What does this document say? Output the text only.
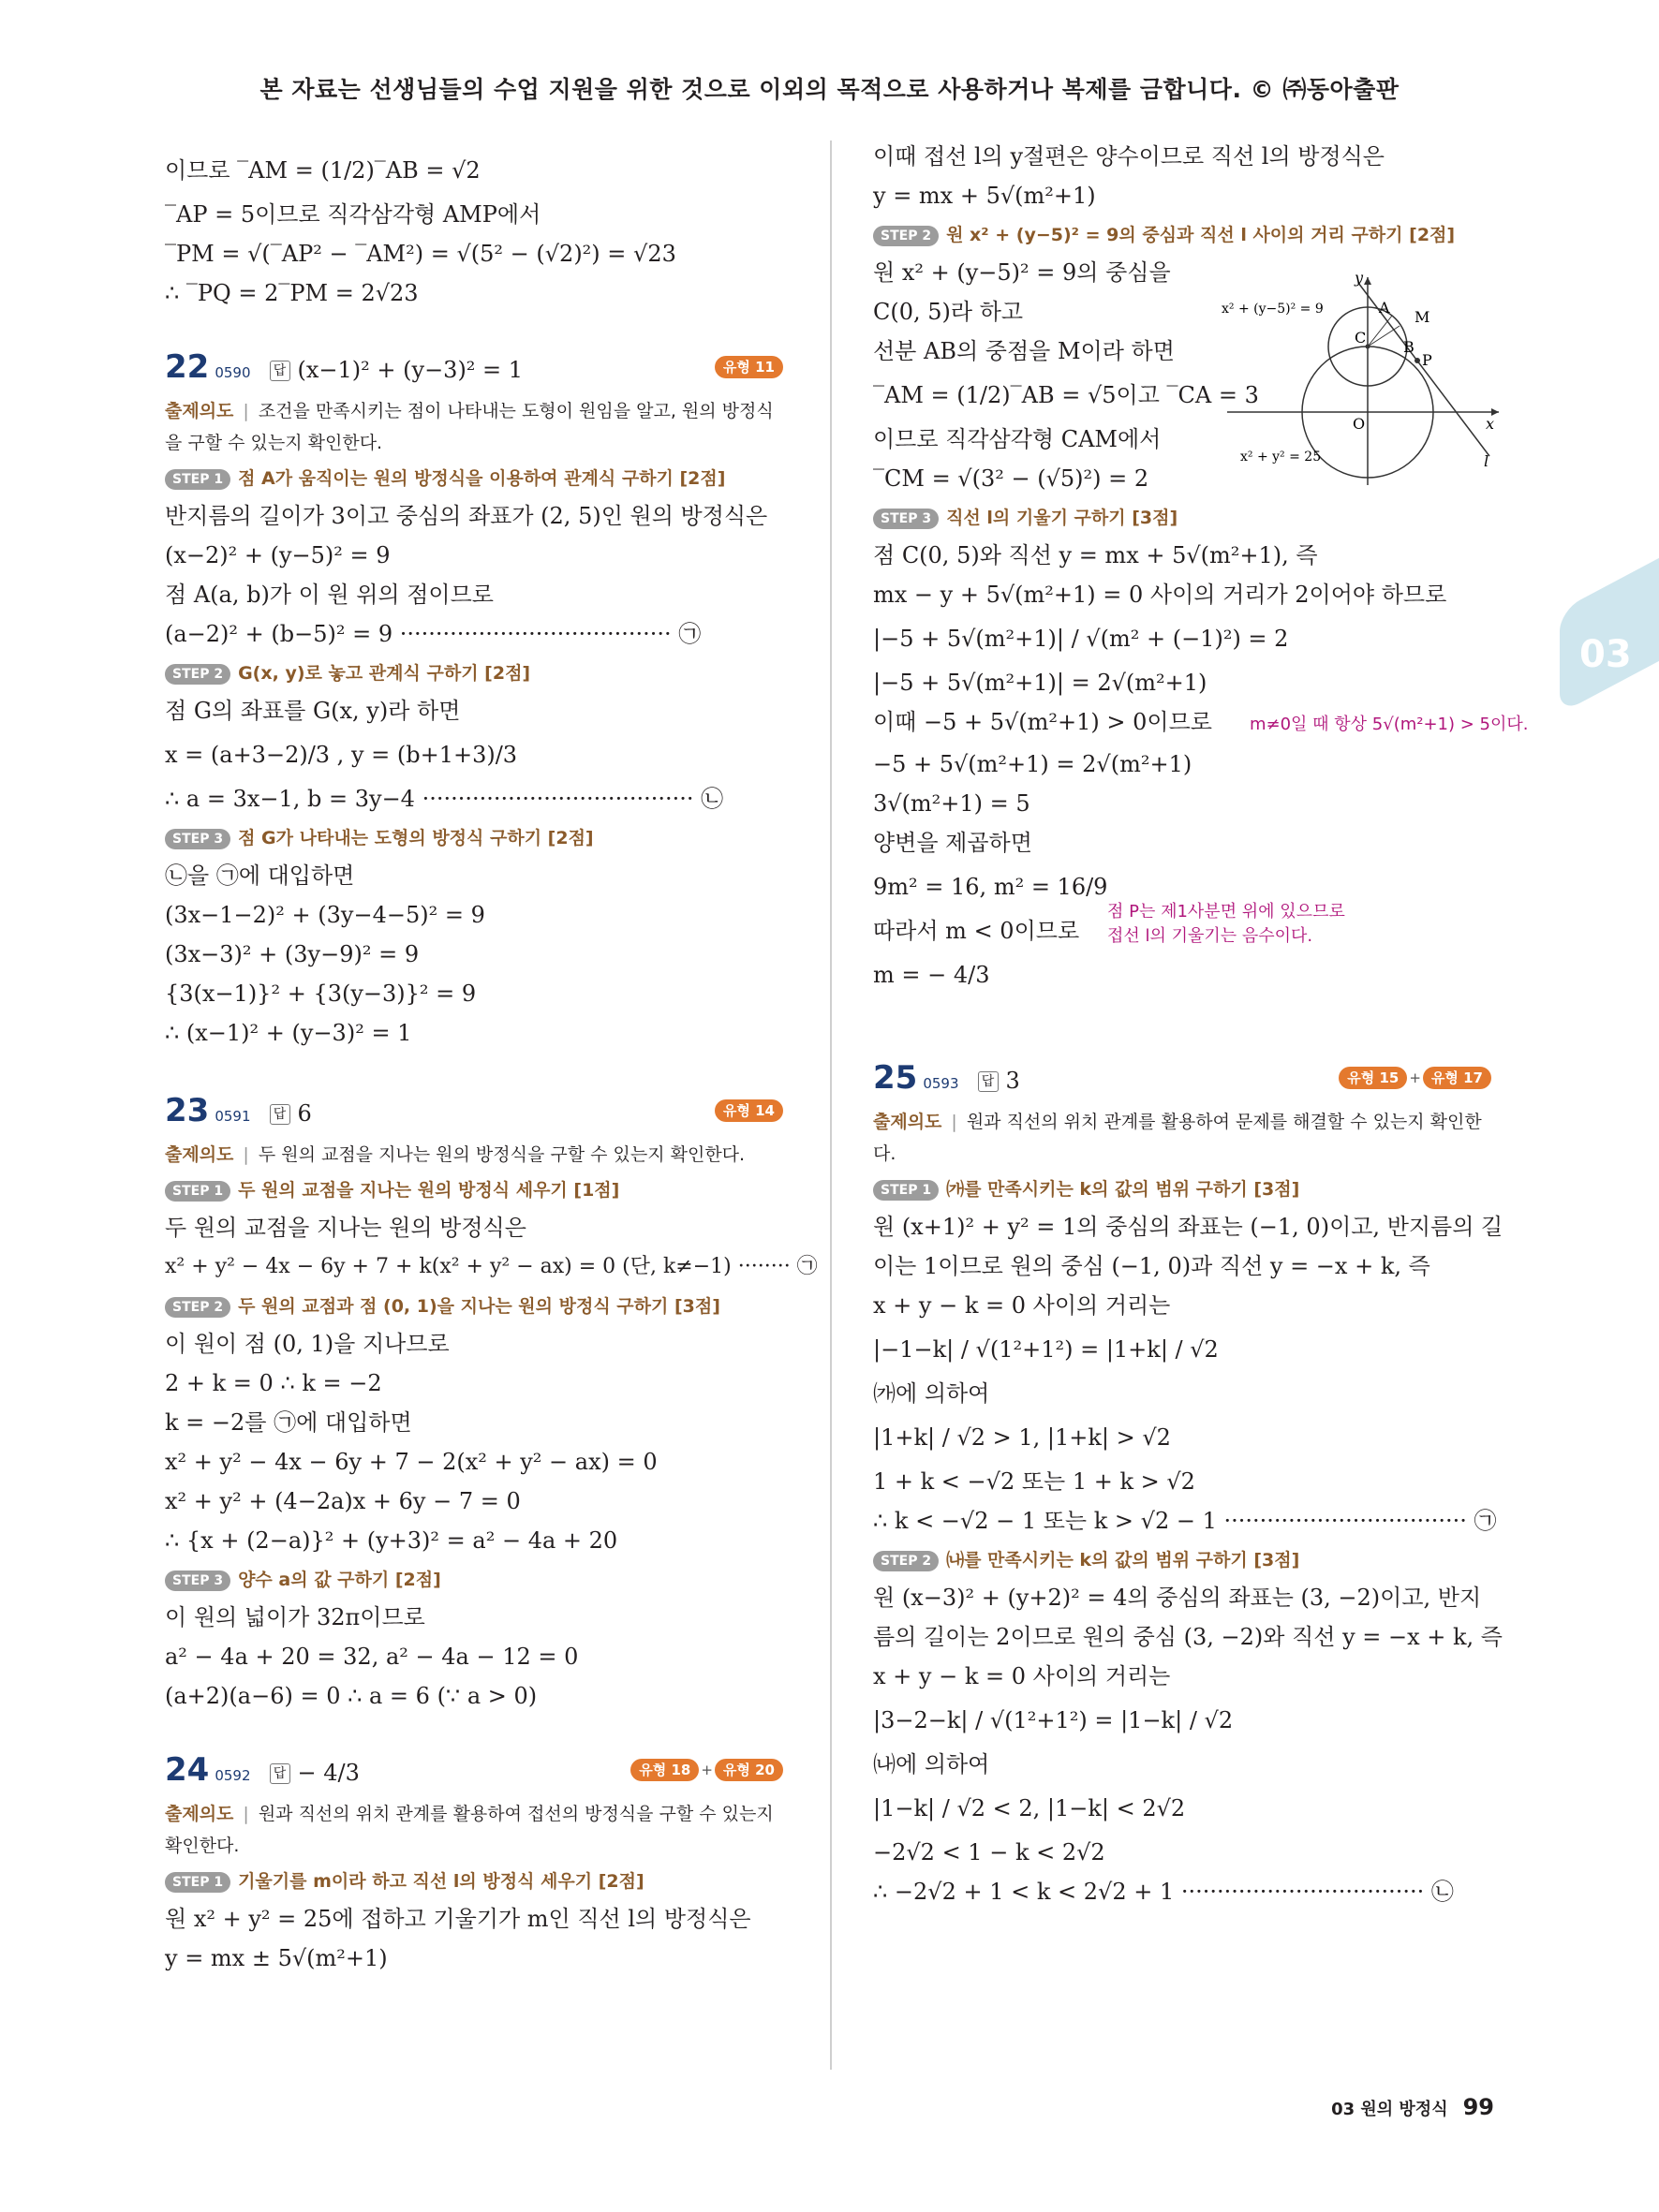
본 자료는 선생님들의 수업 지원을 위한 것으로 이외의 목적으로 사용하거나 복제를 금합니다. © ㈜동아출판
03
이므로 ‾AM = (1/2)‾AB = √2
‾AP = 5이므로 직각삼각형 AMP에서
‾PM = √(‾AP² − ‾AM²) = √(5² − (√2)²) = √23
∴ ‾PQ = 2‾PM = 2√23
22 0590 답 (x−1)² + (y−3)² = 1	유형 11
출제의도 | 조건을 만족시키는 점이 나타내는 도형이 원임을 알고, 원의 방정식을 구할 수 있는지 확인한다.
STEP 1 점 A가 움직이는 원의 방정식을 이용하여 관계식 구하기 [2점]
반지름의 길이가 3이고 중심의 좌표가 (2, 5)인 원의 방정식은
(x−2)² + (y−5)² = 9
점 A(a, b)가 이 원 위의 점이므로
(a−2)² + (b−5)² = 9 ······································ ㉠
STEP 2 G(x, y)로 놓고 관계식 구하기 [2점]
점 G의 좌표를 G(x, y)라 하면
x = (a+3−2)/3 , y = (b+1+3)/3
∴ a = 3x−1, b = 3y−4 ······································ ㉡
STEP 3 점 G가 나타내는 도형의 방정식 구하기 [2점]
㉡을 ㉠에 대입하면
(3x−1−2)² + (3y−4−5)² = 9
(3x−3)² + (3y−9)² = 9
{3(x−1)}² + {3(y−3)}² = 9
∴ (x−1)² + (y−3)² = 1
23 0591 답 6	유형 14
출제의도 | 두 원의 교점을 지나는 원의 방정식을 구할 수 있는지 확인한다.
STEP 1 두 원의 교점을 지나는 원의 방정식 세우기 [1점]
두 원의 교점을 지나는 원의 방정식은
x² + y² − 4x − 6y + 7 + k(x² + y² − ax) = 0 (단, k≠−1) ········ ㉠
STEP 2 두 원의 교점과 점 (0, 1)을 지나는 원의 방정식 구하기 [3점]
이 원이 점 (0, 1)을 지나므로
2 + k = 0 ∴ k = −2
k = −2를 ㉠에 대입하면
x² + y² − 4x − 6y + 7 − 2(x² + y² − ax) = 0
x² + y² + (4−2a)x + 6y − 7 = 0
∴ {x + (2−a)}² + (y+3)² = a² − 4a + 20
STEP 3 양수 a의 값 구하기 [2점]
이 원의 넓이가 32π이므로
a² − 4a + 20 = 32, a² − 4a − 12 = 0
(a+2)(a−6) = 0 ∴ a = 6 (∵ a > 0)
24 0592 답 − 4/3	유형 18 + 유형 20
출제의도 | 원과 직선의 위치 관계를 활용하여 접선의 방정식을 구할 수 있는지 확인한다.
STEP 1 기울기를 m이라 하고 직선 l의 방정식 세우기 [2점]
원 x² + y² = 25에 접하고 기울기가 m인 직선 l의 방정식은
y = mx ± 5√(m²+1)
이때 접선 l의 y절편은 양수이므로 직선 l의 방정식은
y = mx + 5√(m²+1)
STEP 2 원 x² + (y−5)² = 9의 중심과 직선 l 사이의 거리 구하기 [2점]
원 x² + (y−5)² = 9의 중심을
C(0, 5)라 하고
선분 AB의 중점을 M이라 하면
‾AM = (1/2)‾AB = √5이고 ‾CA = 3
이므로 직각삼각형 CAM에서
‾CM = √(3² − (√5)²) = 2
STEP 3 직선 l의 기울기 구하기 [3점]
점 C(0, 5)와 직선 y = mx + 5√(m²+1), 즉
mx − y + 5√(m²+1) = 0 사이의 거리가 2이어야 하므로
|−5 + 5√(m²+1)| / √(m² + (−1)²) = 2
|−5 + 5√(m²+1)| = 2√(m²+1)
이때 −5 + 5√(m²+1) > 0이므로 m≠0일 때 항상 5√(m²+1) > 5이다.
−5 + 5√(m²+1) = 2√(m²+1)
3√(m²+1) = 5
양변을 제곱하면
9m² = 16, m² = 16/9
따라서 m < 0이므로
점 P는 제1사분면 위에 있으므로
접선 l의 기울기는 음수이다.
m = − 4/3
25 0593 답 3	유형 15 + 유형 17
출제의도 | 원과 직선의 위치 관계를 활용하여 문제를 해결할 수 있는지 확인한다.
STEP 1 ㈎를 만족시키는 k의 값의 범위 구하기 [3점]
원 (x+1)² + y² = 1의 중심의 좌표는 (−1, 0)이고, 반지름의 길
이는 1이므로 원의 중심 (−1, 0)과 직선 y = −x + k, 즉
x + y − k = 0 사이의 거리는
|−1−k| / √(1²+1²) = |1+k| / √2
㈎에 의하여
|1+k| / √2 > 1, |1+k| > √2
1 + k < −√2 또는 1 + k > √2
∴ k < −√2 − 1 또는 k > √2 − 1 ·································· ㉠
STEP 2 ㈏를 만족시키는 k의 값의 범위 구하기 [3점]
원 (x−3)² + (y+2)² = 4의 중심의 좌표는 (3, −2)이고, 반지
름의 길이는 2이므로 원의 중심 (3, −2)와 직선 y = −x + k, 즉
x + y − k = 0 사이의 거리는
|3−2−k| / √(1²+1²) = |1−k| / √2
㈏에 의하여
|1−k| / √2 < 2, |1−k| < 2√2
−2√2 < 1 − k < 2√2
∴ −2√2 + 1 < k < 2√2 + 1 ·································· ㉡
y
x
O
A
M
C
B
P
l
x² + (y−5)² = 9
x² + y² = 25
03 원의 방정식 99
